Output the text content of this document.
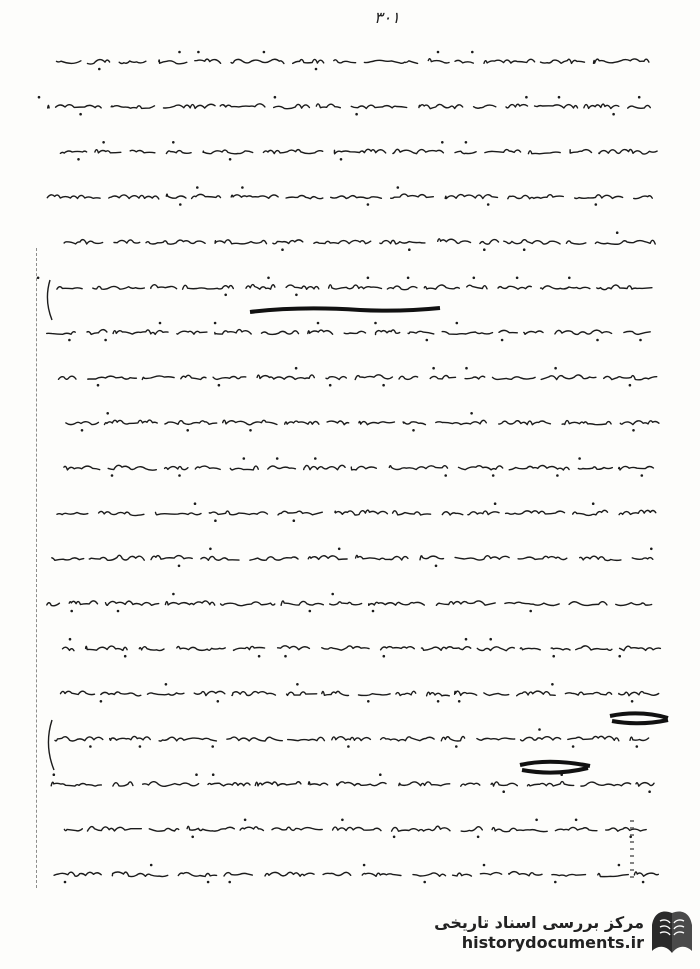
۳۰۱
مرکز بررسی اسناد تاریخی
historydocuments.ir
